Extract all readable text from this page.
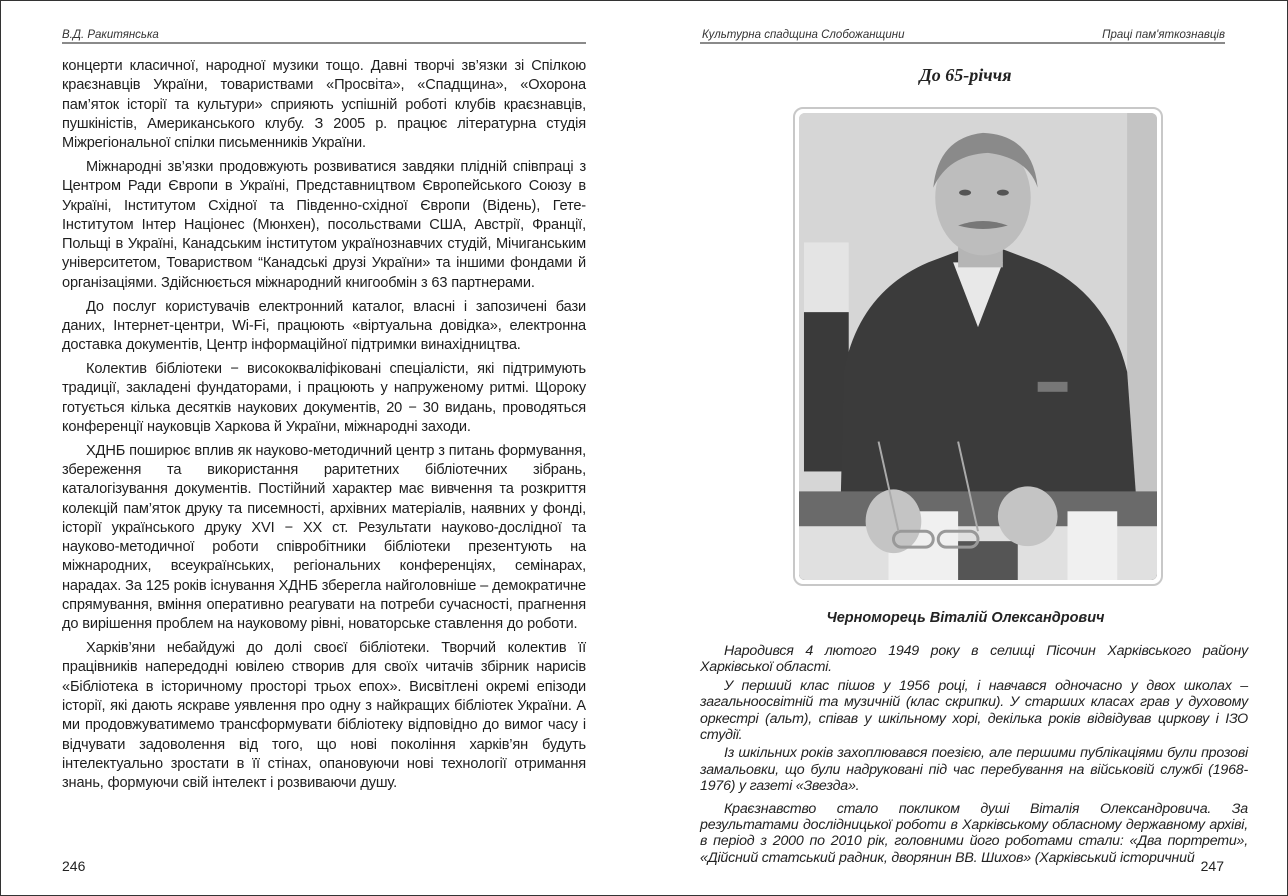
В.Д. Ракитянська

концерти класичної, народної музики тощо. Давні творчі зв’язки зі Спілкою краєзнавців України, товариствами «Просвіта», «Спадщина», «Охорона пам’яток історії та культури» сприяють успішній роботі клубів краєзнавців, пушкіністів, Американського клубу. З 2005 р. працює літературна студія Міжрегіональної спілки письменників України.

Міжнародні зв’язки продовжують розвиватися завдяки плідній співпраці з Центром Ради Європи в Україні, Представництвом Європейського Союзу в Україні, Інститутом Східної та Південно-східної Європи (Відень), Гете-Інститутом Інтер Націонес (Мюнхен), посольствами США, Австрії, Франції, Польщі в Україні, Канадським інститутом українознавчих студій, Мічиганським університетом, Товариством “Канадські друзі України» та іншими фондами й організаціями. Здійснюється міжнародний книгообмін з 63 партнерами.

До послуг користувачів електронний каталог, власні і запозичені бази даних, Інтернет-центри, Wi-Fi, працюють «віртуальна довідка», електронна доставка документів, Центр інформаційної підтримки винахідництва.

Колектив бібліотеки − висококваліфіковані спеціалісти, які підтримують традиції, закладені фундаторами, і працюють у напруженому ритмі. Щороку готується кілька десятків наукових документів, 20 − 30 видань, проводяться конференції науковців Харкова й України, міжнародні заходи.

ХДНБ поширює вплив як науково-методичний центр з питань формування, збереження та використання раритетних бібліотечних зібрань, каталогізування документів. Постійний характер має вивчення та розкриття колекцій пам’яток друку та писемності, архівних матеріалів, наявних у фонді, історії українського друку XVI − XX ст. Результати науково-дослідної та науково-методичної роботи співробітники бібліотеки презентують на міжнародних, всеукраїнських, регіональних конференціях, семінарах, нарадах. За 125 років існування ХДНБ зберегла найголовніше – демократичне спрямування, вміння оперативно реагувати на потреби сучасності, прагнення до вирішення проблем на науковому рівні, новаторське ставлення до роботи.

Харків’яни небайдужі до долі своєї бібліотеки. Творчий колектив її працівників напередодні ювілею створив для своїх читачів збірник нарисів «Бібліотека в історичному просторі трьох епох». Висвітлені окремі епізоди історії, які дають яскраве уявлення про одну з найкращих бібліотек України. А ми продовжуватимемо трансформувати бібліотеку відповідно до вимог часу і відчувати задоволення від того, що нові покоління харків’ян будуть інтелектуально зростати в її стінах, опановуючи нові технології отримання знань, формуючи свій інтелект і розвиваючи душу.

246
Культурна спадщина Слобожанщини	Праці пам'яткознавців
До 65-річчя
Черноморець Віталій Олександрович

Народився 4 лютого 1949 року в селищі Пісочин Харківського району Харківської області.

У перший клас пішов у 1956 році, і навчався одночасно у двох школах – загальноосвітній та музичній (клас скрипки). У старших класах грав у духовому оркестрі (альт), співав у шкільному хорі, декілька років відвідував циркову і ІЗО студії.

Із шкільних років захоплювався поезією, але першими публікаціями були прозові замальовки, що були надруковані під час перебування на військовій службі (1968-1976) у газеті «Звезда».

Краєзнавство стало покликом душі Віталія Олександровича. За результатами дослідницької роботи в Харківському обласному державному архіві, в період з 2000 по 2010 рік, головними його роботами стали: «Два портрети», «Дійсний статський радник, дворянин ВВ. Шихов» (Харківський історичний

247
